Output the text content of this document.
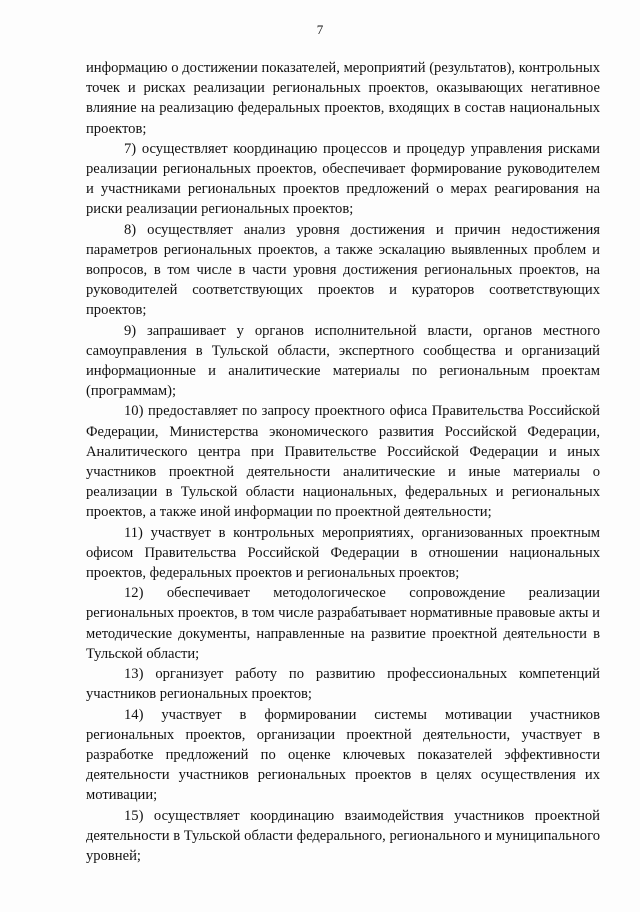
7

информацию о достижении показателей, мероприятий (результатов), контрольных точек и рисках реализации региональных проектов, оказывающих негативное влияние на реализацию федеральных проектов, входящих в состав национальных проектов;

7) осуществляет координацию процессов и процедур управления рисками реализации региональных проектов, обеспечивает формирование руководителем и участниками региональных проектов предложений о мерах реагирования на риски реализации региональных проектов;

8) осуществляет анализ уровня достижения и причин недостижения параметров региональных проектов, а также эскалацию выявленных проблем и вопросов, в том числе в части уровня достижения региональных проектов, на руководителей соответствующих проектов и кураторов соответствующих проектов;

9) запрашивает у органов исполнительной власти, органов местного самоуправления в Тульской области, экспертного сообщества и организаций информационные и аналитические материалы по региональным проектам (программам);

10) предоставляет по запросу проектного офиса Правительства Российской Федерации, Министерства экономического развития Российской Федерации, Аналитического центра при Правительстве Российской Федерации и иных участников проектной деятельности аналитические и иные материалы о реализации в Тульской области национальных, федеральных и региональных проектов, а также иной информации по проектной деятельности;

11) участвует в контрольных мероприятиях, организованных проектным офисом Правительства Российской Федерации в отношении национальных проектов, федеральных проектов и региональных проектов;

12) обеспечивает методологическое сопровождение реализации региональных проектов, в том числе разрабатывает нормативные правовые акты и методические документы, направленные на развитие проектной деятельности в Тульской области;

13) организует работу по развитию профессиональных компетенций участников региональных проектов;

14) участвует в формировании системы мотивации участников региональных проектов, организации проектной деятельности, участвует в разработке предложений по оценке ключевых показателей эффективности деятельности участников региональных проектов в целях осуществления их мотивации;

15) осуществляет координацию взаимодействия участников проектной деятельности в Тульской области федерального, регионального и муниципального уровней;
